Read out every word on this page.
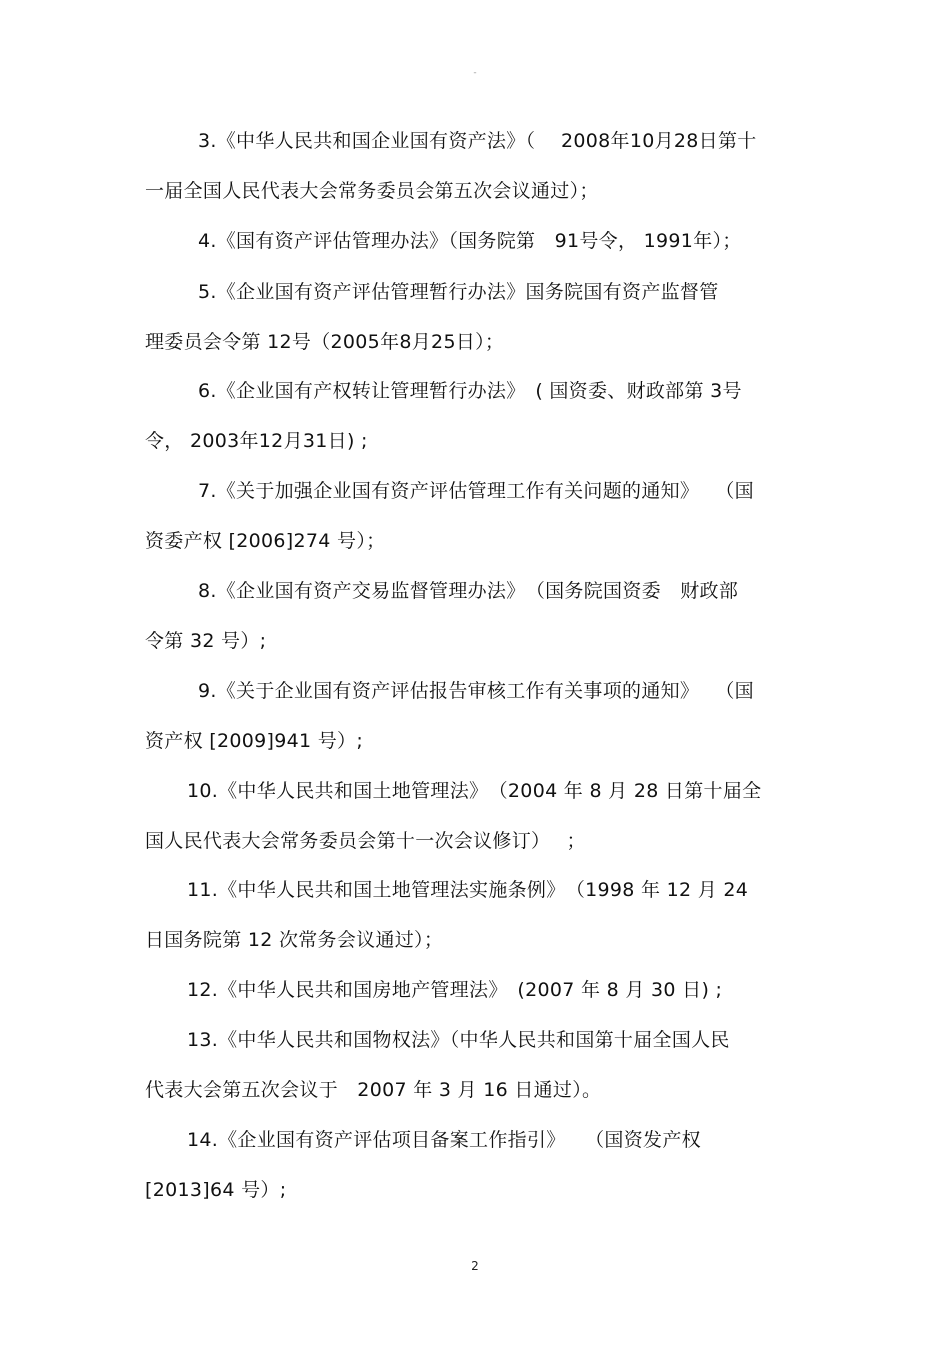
-
3.《中华人民共和国企业国有资产法》（　 2008年10月28日第十
一届全国人民代表大会常务委员会第五次会议通过）；
4.《国有资产评估管理办法》（国务院第　91号令， 1991年）；
5.《企业国有资产评估管理暂行办法》国务院国有资产监督管
理委员会令第 12号（2005年8月25日）；
6.《企业国有产权转让管理暂行办法》　( 国资委、财政部第 3号
令， 2003年12月31日) ;
7.《关于加强企业国有资产评估管理工作有关问题的通知》　 （国
资委产权 [2006]274 号）；
8.《企业国有资产交易监督管理办法》　（国务院国资委　财政部
令第 32 号）;
9.《关于企业国有资产评估报告审核工作有关事项的通知》　 （国
资产权 [2009]941 号）;
10.《中华人民共和国土地管理法》　（2004 年 8 月 28 日第十届全
国人民代表大会常务委员会第十一次会议修订）　 ；
11.《中华人民共和国土地管理法实施条例》　（1998 年 12 月 24
日国务院第 12 次常务会议通过）；
12.《中华人民共和国房地产管理法》　(2007 年 8 月 30 日) ;
13.《中华人民共和国物权法》（中华人民共和国第十届全国人民
代表大会第五次会议于　2007 年 3 月 16 日通过）。
14.《企业国有资产评估项目备案工作指引》　　（国资发产权
[2013]64 号）;
2
